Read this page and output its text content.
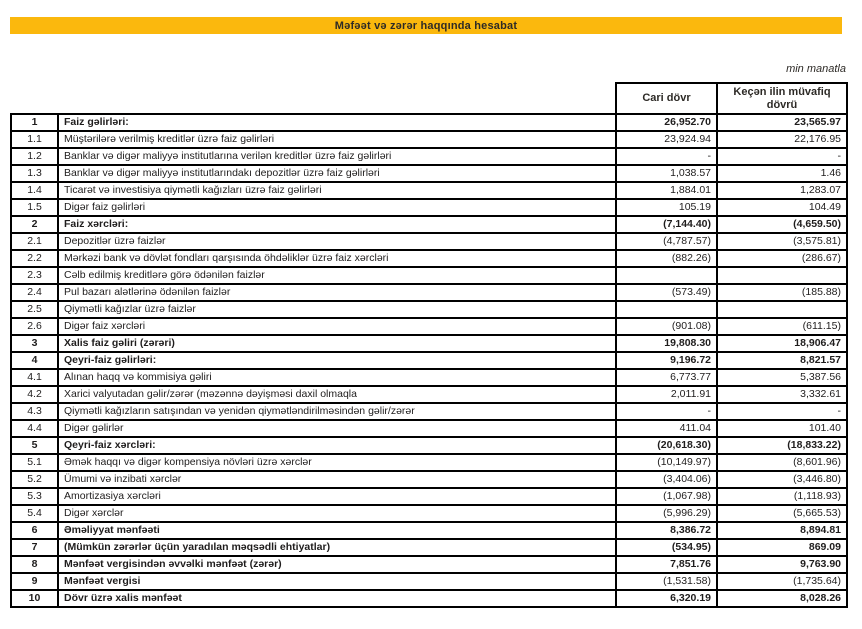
Məfəət və zərər haqqında hesabat
min manatla
		Cari dövr	Keçən ilin müvafiq dövrü
1	Faiz gəlirləri:	26,952.70	23,565.97
1.1	Müştərilərə verilmiş kreditlər üzrə faiz gəlirləri	23,924.94	22,176.95
1.2	Banklar və digər maliyyə institutlarına verilən kreditlər üzrə faiz gəlirləri	-	-
1.3	Banklar və digər maliyyə institutlarındakı depozitlər üzrə faiz gəlirləri	1,038.57	1.46
1.4	Ticarət və investisiya qiymətli kağızları üzrə faiz gəlirləri	1,884.01	1,283.07
1.5	Digər faiz gəlirləri	105.19	104.49
2	Faiz xərcləri:	(7,144.40)	(4,659.50)
2.1	Depozitlər üzrə faizlər	(4,787.57)	(3,575.81)
2.2	Mərkəzi bank və dövlət fondları qarşısında öhdəliklər üzrə faiz xərcləri	(882.26)	(286.67)
2.3	Cəlb edilmiş kreditlərə görə ödənilən faizlər		
2.4	Pul bazarı alətlərinə ödənilən faizlər	(573.49)	(185.88)
2.5	Qiymətli kağızlar üzrə faizlər		
2.6	Digər faiz xərcləri	(901.08)	(611.15)
3	Xalis faiz gəliri (zərəri)	19,808.30	18,906.47
4	Qeyri-faiz gəlirləri:	9,196.72	8,821.57
4.1	Alınan haqq və kommisiya gəliri	6,773.77	5,387.56
4.2	Xarici valyutadan gəlir/zərər (məzənnə dəyişməsi daxil olmaqla	2,011.91	3,332.61
4.3	Qiymətli kağızların satışından və yenidən qiymətləndirilməsindən gəlir/zərər	-	-
4.4	Digər gəlirlər	411.04	101.40
5	Qeyri-faiz xərcləri:	(20,618.30)	(18,833.22)
5.1	Əmək haqqı və digər kompensiya növləri üzrə xərclər	(10,149.97)	(8,601.96)
5.2	Ümumi və inzibati xərclər	(3,404.06)	(3,446.80)
5.3	Amortizasiya xərcləri	(1,067.98)	(1,118.93)
5.4	Digər xərclər	(5,996.29)	(5,665.53)
6	Əməliyyat mənfəəti	8,386.72	8,894.81
7	(Mümkün zərərlər üçün yaradılan məqsədli ehtiyatlar)	(534.95)	869.09
8	Mənfəət vergisindən əvvəlki mənfəət (zərər)	7,851.76	9,763.90
9	Mənfəət vergisi	(1,531.58)	(1,735.64)
10	Dövr üzrə xalis mənfəət	6,320.19	8,028.26
